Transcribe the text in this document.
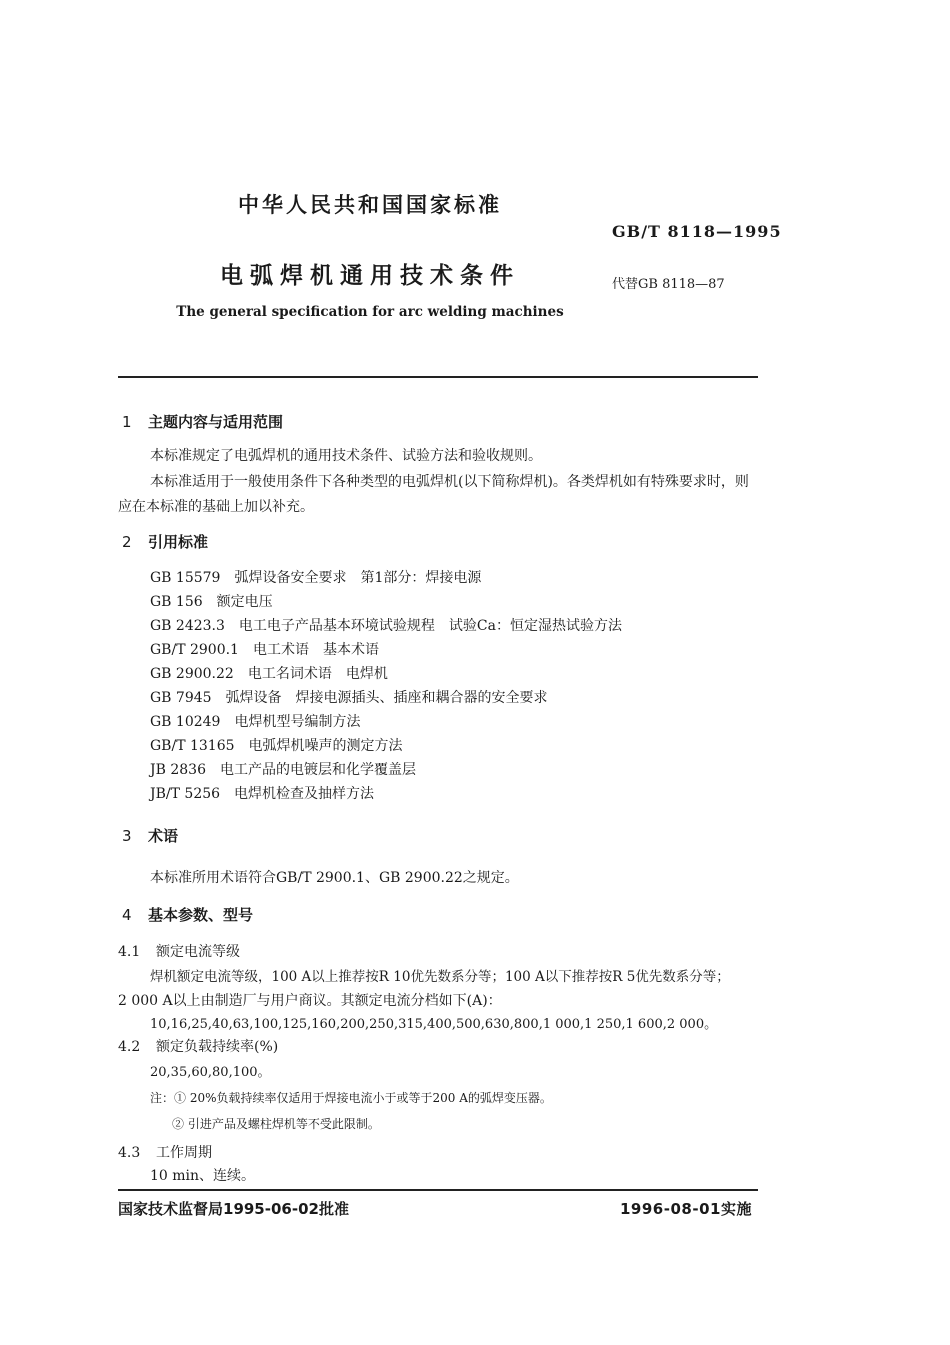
中华人民共和国国家标准
GB/T 8118—1995
电弧焊机通用技术条件	代替GB 8118—87
The general specification for arc welding machines
1 主题内容与适用范围
本标准规定了电弧焊机的通用技术条件、试验方法和验收规则。
本标准适用于一般使用条件下各种类型的电弧焊机(以下简称焊机)。各类焊机如有特殊要求时，则
应在本标准的基础上加以补充。
2 引用标准
GB 15579 弧焊设备安全要求　第1部分：焊接电源
GB 156 额定电压
GB 2423.3 电工电子产品基本环境试验规程　试验Ca：恒定湿热试验方法
GB/T 2900.1 电工术语　基本术语
GB 2900.22 电工名词术语　电焊机
GB 7945 弧焊设备　焊接电源插头、插座和耦合器的安全要求
GB 10249 电焊机型号编制方法
GB/T 13165 电弧焊机噪声的测定方法
JB 2836 电工产品的电镀层和化学覆盖层
JB/T 5256 电焊机检查及抽样方法
3 术语
本标准所用术语符合GB/T 2900.1、GB 2900.22之规定。
4 基本参数、型号
4.1 额定电流等级
焊机额定电流等级，100 A以上推荐按R 10优先数系分等；100 A以下推荐按R 5优先数系分等；
2 000 A以上由制造厂与用户商议。其额定电流分档如下(A)：
10,16,25,40,63,100,125,160,200,250,315,400,500,630,800,1 000,1 250,1 600,2 000。
4.2 额定负载持续率(%)
20,35,60,80,100。
注：① 20%负载持续率仅适用于焊接电流小于或等于200 A的弧焊变压器。
② 引进产品及螺柱焊机等不受此限制。
4.3 工作周期
10 min、连续。
国家技术监督局1995-06-02批准	1996-08-01实施
